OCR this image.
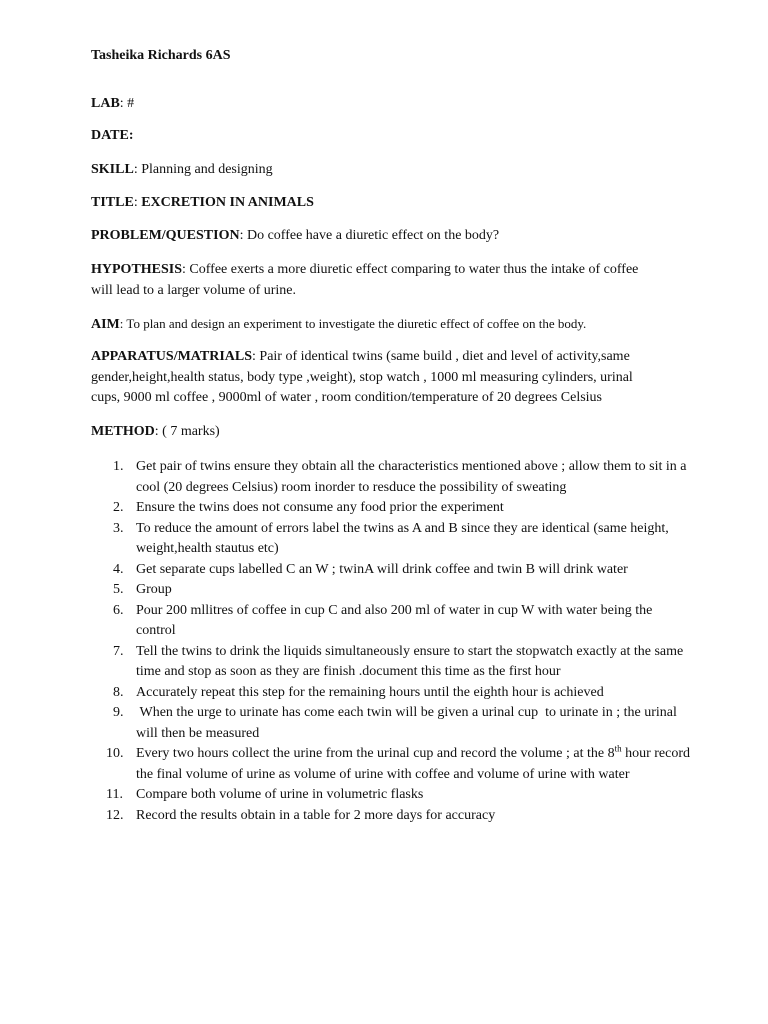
Tasheika Richards 6AS
LAB: #
DATE:
SKILL: Planning and designing
TITLE: EXCRETION IN ANIMALS
PROBLEM/QUESTION: Do coffee have a diuretic effect on the body?
HYPOTHESIS: Coffee exerts a more diuretic effect comparing to water thus the intake of coffee will lead to a larger volume of urine.
AIM: To plan and design an experiment to investigate the diuretic effect of coffee on the body.
APPARATUS/MATRIALS: Pair of identical twins (same build , diet and level of activity,same gender,height,health status, body type ,weight), stop watch , 1000 ml measuring cylinders, urinal cups, 9000 ml coffee , 9000ml of water , room condition/temperature of 20 degrees Celsius
METHOD: ( 7 marks)
1. Get pair of twins ensure they obtain all the characteristics mentioned above ; allow them to sit in a cool (20 degrees Celsius) room inorder to resduce the possibility of sweating
2. Ensure the twins does not consume any food prior the experiment
3. To reduce the amount of errors label the twins as A and B since they are identical (same height, weight,health stautus etc)
4. Get separate cups labelled C an W ; twinA will drink coffee and twin B will drink water
5. Group
6. Pour 200 mllitres of coffee in cup C and also 200 ml of water in cup W with water being the control
7. Tell the twins to drink the liquids simultaneously ensure to start the stopwatch exactly at the same time and stop as soon as they are finish .document this time as the first hour
8. Accurately repeat this step for the remaining hours until the eighth hour is achieved
9. When the urge to urinate has come each twin will be given a urinal cup  to urinate in ; the urinal will then be measured
10. Every two hours collect the urine from the urinal cup and record the volume ; at the 8th hour record the final volume of urine as volume of urine with coffee and volume of urine with water
11. Compare both volume of urine in volumetric flasks
12. Record the results obtain in a table for 2 more days for accuracy
